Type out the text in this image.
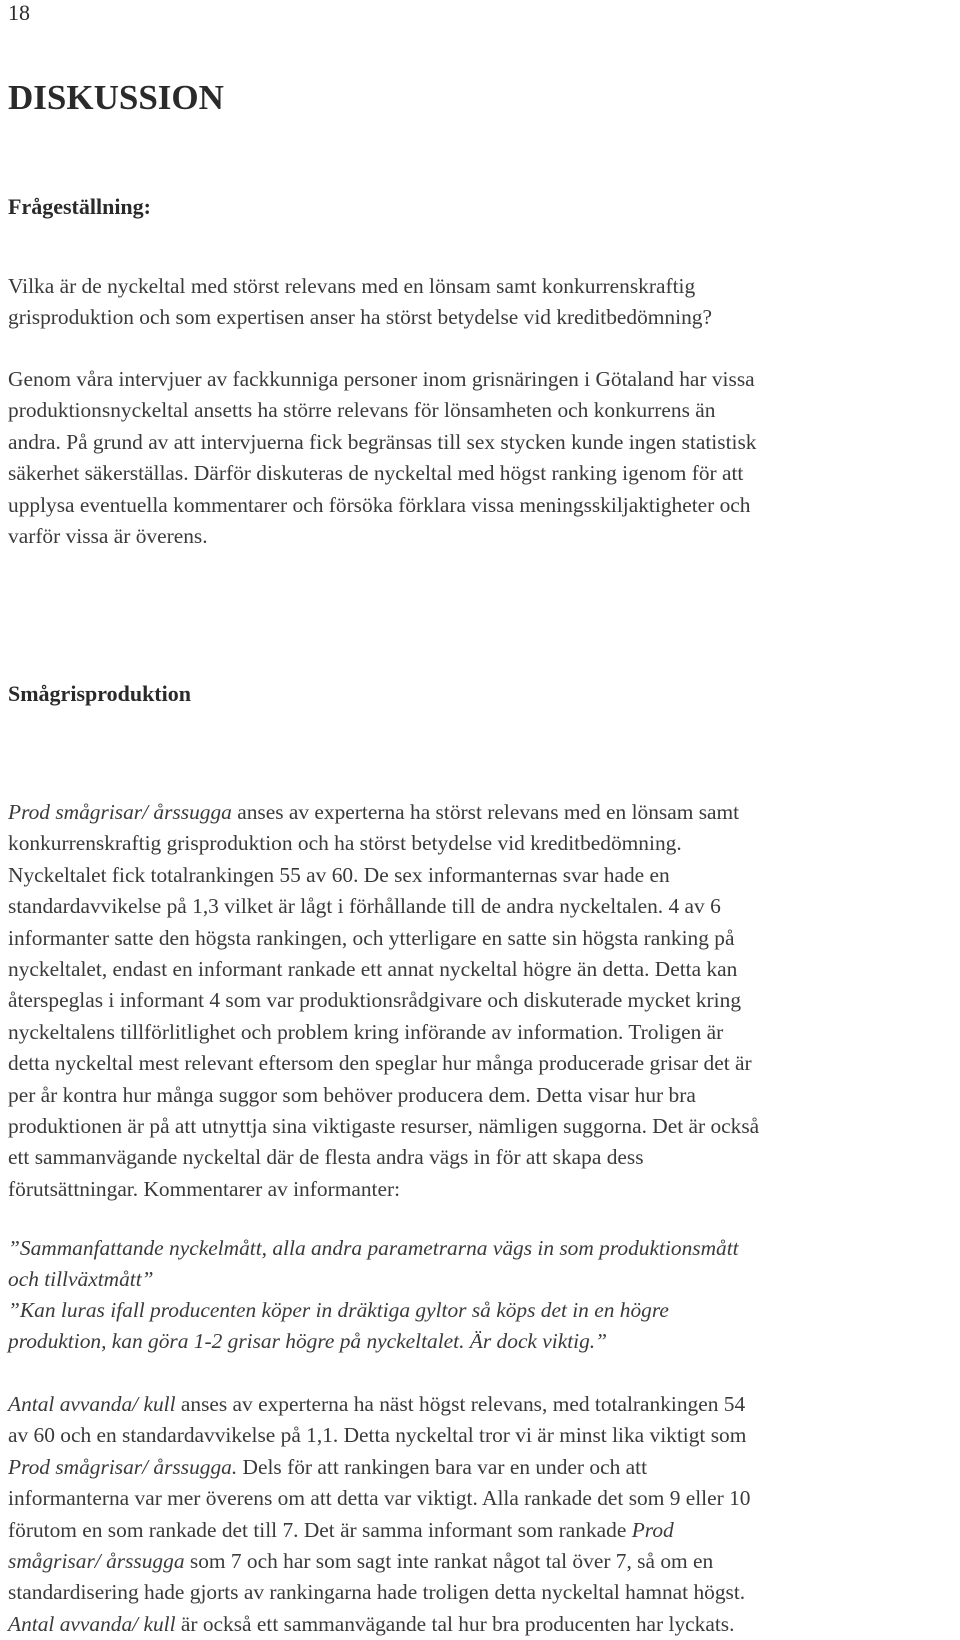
18
DISKUSSION
Frågeställning:
Vilka är de nyckeltal med störst relevans med en lönsam samt konkurrenskraftig
grisproduktion och som expertisen anser ha störst betydelse vid kreditbedömning?
Genom våra intervjuer av fackkunniga personer inom grisnäringen i Götaland har vissa
produktionsnyckeltal ansetts ha större relevans för lönsamheten och konkurrens än
andra. På grund av att intervjuerna fick begränsas till sex stycken kunde ingen statistisk
säkerhet säkerställas. Därför diskuteras de nyckeltal med högst ranking igenom för att
upplysa eventuella kommentarer och försöka förklara vissa meningsskiljaktigheter och
varför vissa är överens.
Smågrisproduktion
Prod smågrisar/ årssugga anses av experterna ha störst relevans med en lönsam samt
konkurrenskraftig grisproduktion och ha störst betydelse vid kreditbedömning.
Nyckeltalet fick totalrankingen 55 av 60. De sex informanternas svar hade en
standardavvikelse på 1,3 vilket är lågt i förhållande till de andra nyckeltalen. 4 av 6
informanter satte den högsta rankingen, och ytterligare en satte sin högsta ranking på
nyckeltalet, endast en informant rankade ett annat nyckeltal högre än detta. Detta kan
återspeglas i informant 4 som var produktionsrådgivare och diskuterade mycket kring
nyckeltalens tillförlitlighet och problem kring införande av information. Troligen är
detta nyckeltal mest relevant eftersom den speglar hur många producerade grisar det är
per år kontra hur många suggor som behöver producera dem. Detta visar hur bra
produktionen är på att utnyttja sina viktigaste resurser, nämligen suggorna. Det är också
ett sammanvägande nyckeltal där de flesta andra vägs in för att skapa dess
förutsättningar. Kommentarer av informanter:
”Sammanfattande nyckelmått, alla andra parametrarna vägs in som produktionsmått
och tillväxtmått”
”Kan luras ifall producenten köper in dräktiga gyltor så köps det in en högre
produktion, kan göra 1-2 grisar högre på nyckeltalet. Är dock viktig.”
Antal avvanda/ kull anses av experterna ha näst högst relevans, med totalrankingen 54
av 60 och en standardavvikelse på 1,1. Detta nyckeltal tror vi är minst lika viktigt som
Prod smågrisar/ årssugga. Dels för att rankingen bara var en under och att
informanterna var mer överens om att detta var viktigt. Alla rankade det som 9 eller 10
förutom en som rankade det till 7. Det är samma informant som rankade Prod
smågrisar/ årssugga som 7 och har som sagt inte rankat något tal över 7, så om en
standardisering hade gjorts av rankingarna hade troligen detta nyckeltal hamnat högst.
Antal avvanda/ kull är också ett sammanvägande tal hur bra producenten har lyckats.
